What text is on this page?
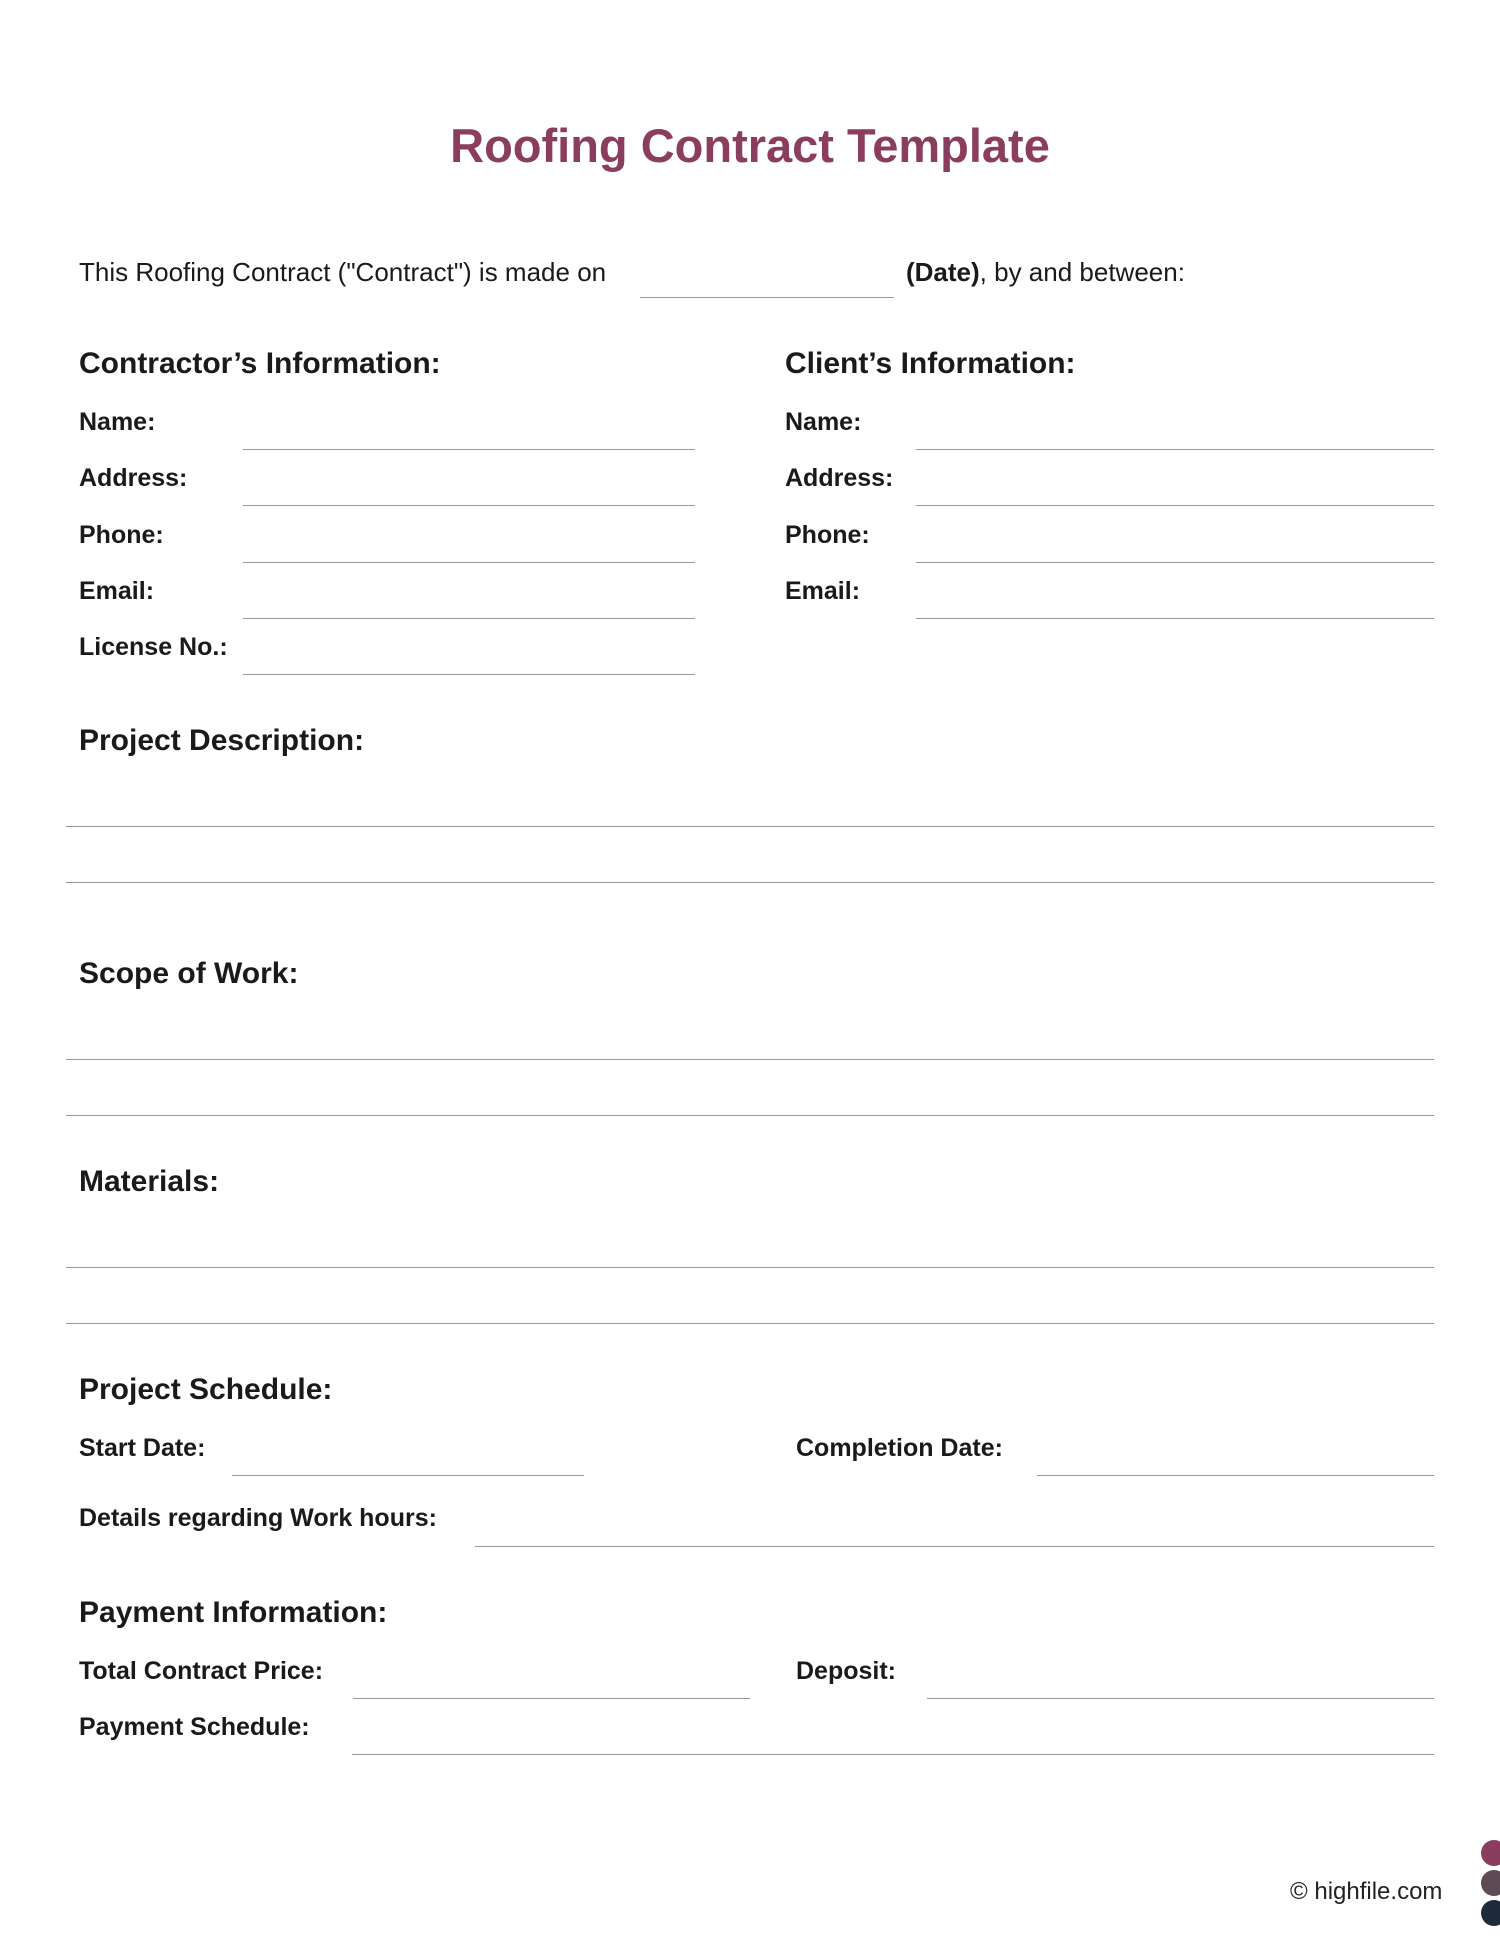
Roofing Contract Template
This Roofing Contract ("Contract") is made on	(Date), by and between:
Contractor’s Information:
Name:
Address:
Phone:
Email:
License No.:
Client’s Information:
Name:
Address:
Phone:
Email:
Project Description:
Scope of Work:
Materials:
Project Schedule:
Start Date:	Completion Date:
Details regarding Work hours:
Payment Information:
Total Contract Price:	Deposit:
Payment Schedule:
© highfile.com
